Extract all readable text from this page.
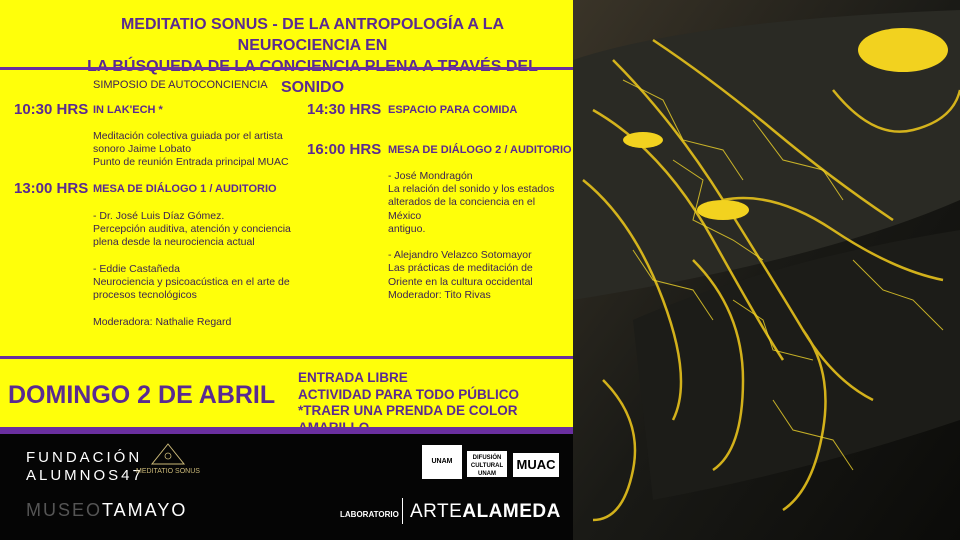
MEDITATIO SONUS - DE LA ANTROPOLOGÍA A LA NEUROCIENCIA EN
SONIDO
SIMPOSIO DE AUTOCONCIENCIA
10:30 HRS IN LAK'ECH *
Meditación colectiva guiada por el artista
sonoro Jaime Lobato
Punto de reunión Entrada principal MUAC
13:00 HRS MESA DE DIÁLOGO 1 / AUDITORIO
- Dr. José Luis Díaz Gómez.
Percepción auditiva, atención y conciencia
plena desde la neurociencia actual

- Eddie Castañeda
Neurociencia y psicoacústica en el arte de
procesos tecnológicos

Moderadora: Nathalie Regard
14:30 HRS ESPACIO PARA COMIDA
16:00 HRS MESA DE DIÁLOGO 2 / AUDITORIO
- José Mondragón
La relación del sonido y los estados
alterados de la conciencia en el
México
antiguo.

- Alejandro Velazco Sotomayor
Las prácticas de meditación de
Oriente en la cultura occidental
Moderador: Tito Rivas
DOMINGO 2 DE ABRIL
ENTRADA LIBRE
ACTIVIDAD PARA TODO PÚBLICO
*TRAER UNA PRENDA DE COLOR
FUNDACIÓN
ALUMNOS47
MEDITATIO SONUS
MUSEOTAMAYO
UNAM	DIFUSIÓN CULTURAL UNAM
MUAC
LABORATORIO ARTEALAMEDA
